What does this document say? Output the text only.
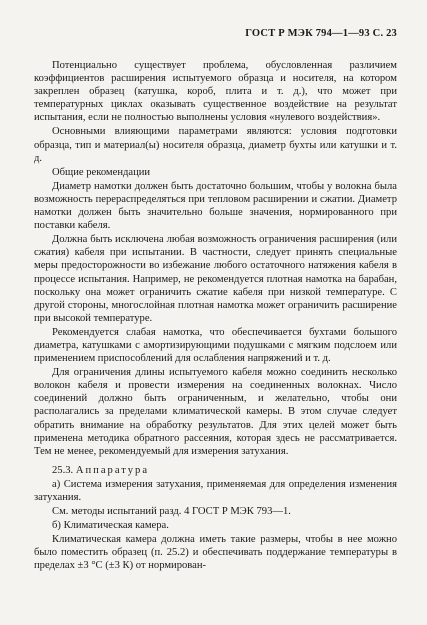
ГОСТ Р МЭК 794—1—93 С. 23

Потенциально существует проблема, обусловленная различием коэффициентов расширения испытуемого образца и носителя, на котором закреплен образец (катушка, короб, плита и т. д.), что может при температурных циклах оказывать существенное воздействие на результат испытания, если не полностью выполнены условия «нулевого воздействия».

Основными влияющими параметрами являются: условия подготовки образца, тип и материал(ы) носителя образца, диаметр бухты или катушки и т. д.

Общие рекомендации

Диаметр намотки должен быть достаточно большим, чтобы у волокна была возможность перераспределяться при тепловом расширении и сжатии. Диаметр намотки должен быть значительно больше значения, нормированного при поставки кабеля.

Должна быть исключена любая возможность ограничения расширения (или сжатия) кабеля при испытании. В частности, следует принять специальные меры предосторожности во избежание любого остаточного натяжения кабеля в процессе испытания. Например, не рекомендуется плотная намотка на барабан, поскольку она может ограничить сжатие кабеля при низкой температуре. С другой стороны, многослойная плотная намотка может ограничить расширение при высокой температуре.

Рекомендуется слабая намотка, что обеспечивается бухтами большого диаметра, катушками с амортизирующими подушками с мягким подслоем или применением приспособлений для ослабления напряжений и т. д.

Для ограничения длины испытуемого кабеля можно соединить несколько волокон кабеля и провести измерения на соединенных волокнах. Число соединений должно быть ограниченным, и желательно, чтобы они располагались за пределами климатической камеры. В этом случае следует обратить внимание на обработку результатов. Для этих целей может быть применена методика обратного рассеяния, которая здесь не рассматривается. Тем не менее, рекомендуемый для измерения затухания.

25.3. Аппаратура

а) Система измерения затухания, применяемая для определения изменения затухания.

См. методы испытаний разд. 4 ГОСТ Р МЭК 793—1.

б) Климатическая камера.

Климатическая камера должна иметь такие размеры, чтобы в нее можно было поместить образец (п. 25.2) и обеспечивать поддержание температуры в пределах ±3 °С (±3 К) от нормирован-
